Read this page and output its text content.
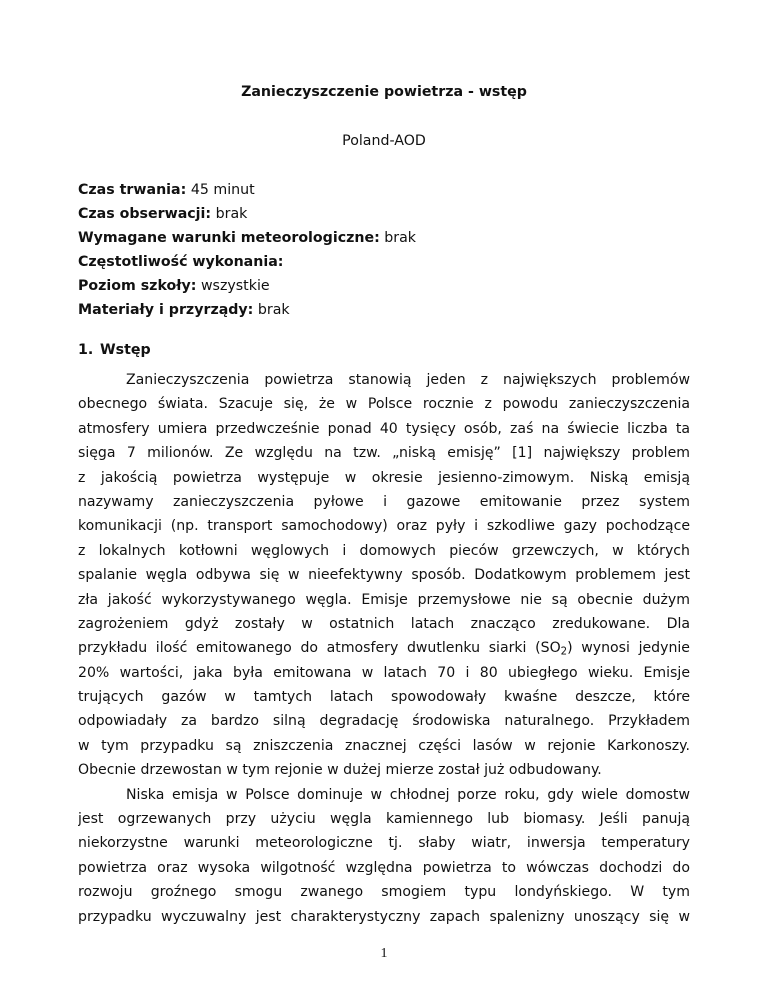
Zanieczyszczenie powietrza - wstęp
Poland-AOD
Czas trwania: 45 minut
Czas obserwacji: brak
Wymagane warunki meteorologiczne: brak
Częstotliwość wykonania:
Poziom szkoły: wszystkie
Materiały i przyrządy: brak
1. Wstęp
Zanieczyszczenia powietrza stanowią jeden z największych problemów
obecnego świata. Szacuje się, że w Polsce rocznie z powodu zanieczyszczenia
atmosfery umiera przedwcześnie ponad 40 tysięcy osób, zaś na świecie liczba ta
sięga 7 milionów. Ze względu na tzw. „niską emisję” [1] największy problem
z jakością powietrza występuje w okresie jesienno-zimowym. Niską emisją
nazywamy zanieczyszczenia pyłowe i gazowe emitowanie przez system
komunikacji (np. transport samochodowy) oraz pyły i szkodliwe gazy pochodzące
z lokalnych kotłowni węglowych i domowych pieców grzewczych, w których
spalanie węgla odbywa się w nieefektywny sposób. Dodatkowym problemem jest
zła jakość wykorzystywanego węgla. Emisje przemysłowe nie są obecnie dużym
zagrożeniem gdyż zostały w ostatnich latach znacząco zredukowane. Dla
przykładu ilość emitowanego do atmosfery dwutlenku siarki $(SO_2)$ wynosi jedynie
20% wartości, jaka była emitowana w latach 70 i 80 ubiegłego wieku. Emisje
trujących gazów w tamtych latach spowodowały kwaśne deszcze, które
odpowiadały za bardzo silną degradację środowiska naturalnego. Przykładem
w tym przypadku są zniszczenia znacznej części lasów w rejonie Karkonoszy.
Obecnie drzewostan w tym rejonie w dużej mierze został już odbudowany.
Niska emisja w Polsce dominuje w chłodnej porze roku, gdy wiele domostw
jest ogrzewanych przy użyciu węgla kamiennego lub biomasy. Jeśli panują
niekorzystne warunki meteorologiczne tj. słaby wiatr, inwersja temperatury
powietrza oraz wysoka wilgotność względna powietrza to wówczas dochodzi do
rozwoju groźnego smogu zwanego smogiem typu londyńskiego. W tym
przypadku wyczuwalny jest charakterystyczny zapach spalenizny unoszący się w
1
